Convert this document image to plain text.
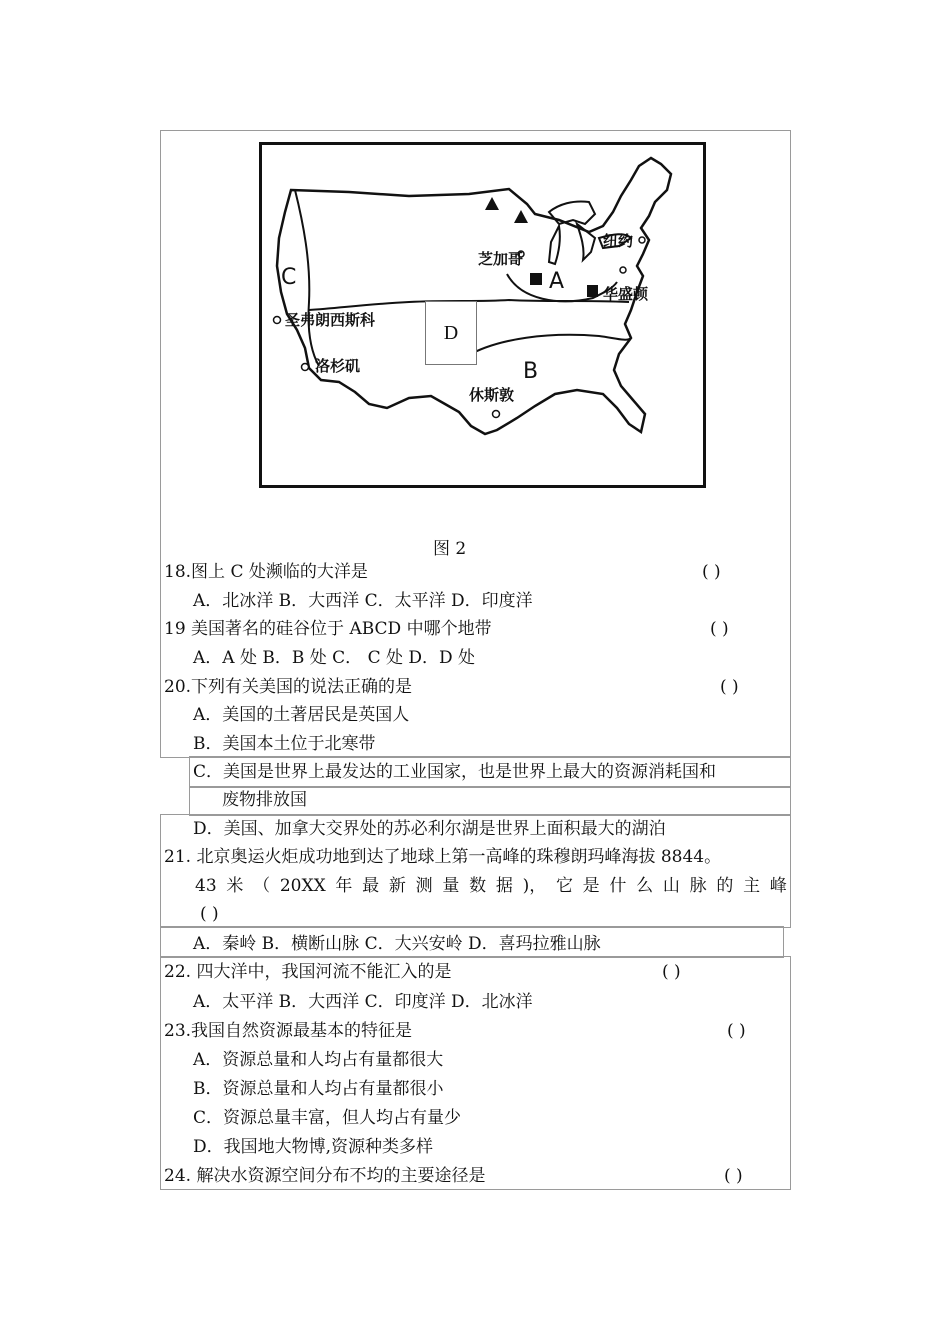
C	A
B
芝加哥
纽约
华盛顿
圣弗朗西斯科
洛杉矶
休斯敦
D
图 2
18.图上 C 处濒临的大洋是	( )
A．北冰洋 B．大西洋 C．太平洋 D．印度洋
19 美国著名的硅谷位于 ABCD 中哪个地带	( )
A．A 处 B．B 处 C． C 处 D．D 处
20.下列有关美国的说法正确的是	( )
A．美国的土著居民是英国人
B．美国本土位于北寒带
C．美国是世界上最发达的工业国家，也是世界上最大的资源消耗国和
废物排放国
D．美国、加拿大交界处的苏必利尔湖是世界上面积最大的湖泊
21. 北京奥运火炬成功地到达了地球上第一高峰的珠穆朗玛峰海拔 8844。
43 米 （ 20XX 年 最 新 测 量 数 据 )， 它 是 什 么 山 脉 的 主 峰
( )
A．秦岭 B．横断山脉 C．大兴安岭 D．喜玛拉雅山脉
22. 四大洋中，我国河流不能汇入的是	( )
A．太平洋 B．大西洋 C．印度洋 D．北冰洋
23.我国自然资源最基本的特征是	( )
A．资源总量和人均占有量都很大
B．资源总量和人均占有量都很小
C．资源总量丰富，但人均占有量少
D．我国地大物博,资源种类多样
24. 解决水资源空间分布不均的主要途径是	( )
